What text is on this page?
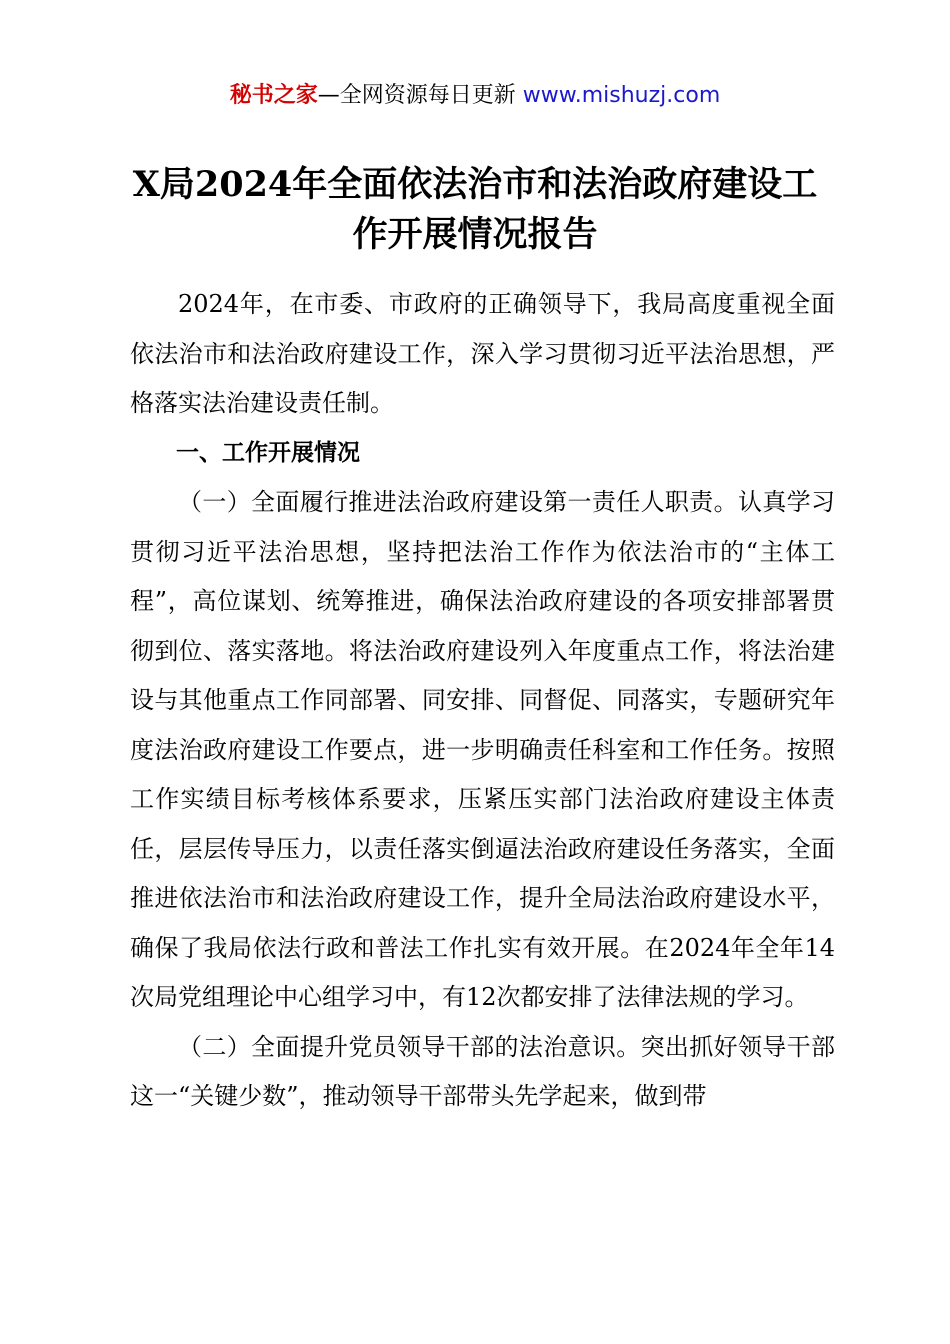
秘书之家—全网资源每日更新 www.mishuzj.com
X局2024年全面依法治市和法治政府建设工
作开展情况报告

2024年，在市委、市政府的正确领导下，我局高度重视全面依法治市和法治政府建设工作，深入学习贯彻习近平法治思想，严格落实法治建设责任制。

一、工作开展情况

（一）全面履行推进法治政府建设第一责任人职责。认真学习贯彻习近平法治思想，坚持把法治工作作为依法治市的“主体工程”，高位谋划、统筹推进，确保法治政府建设的各项安排部署贯彻到位、落实落地。将法治政府建设列入年度重点工作，将法治建设与其他重点工作同部署、同安排、同督促、同落实，专题研究年度法治政府建设工作要点，进一步明确责任科室和工作任务。按照工作实绩目标考核体系要求，压紧压实部门法治政府建设主体责任，层层传导压力，以责任落实倒逼法治政府建设任务落实，全面推进依法治市和法治政府建设工作，提升全局法治政府建设水平，确保了我局依法行政和普法工作扎实有效开展。在2024年全年14次局党组理论中心组学习中，有12次都安排了法律法规的学习。

（二）全面提升党员领导干部的法治意识。突出抓好领导干部这一“关键少数”，推动领导干部带头先学起来，做到带
